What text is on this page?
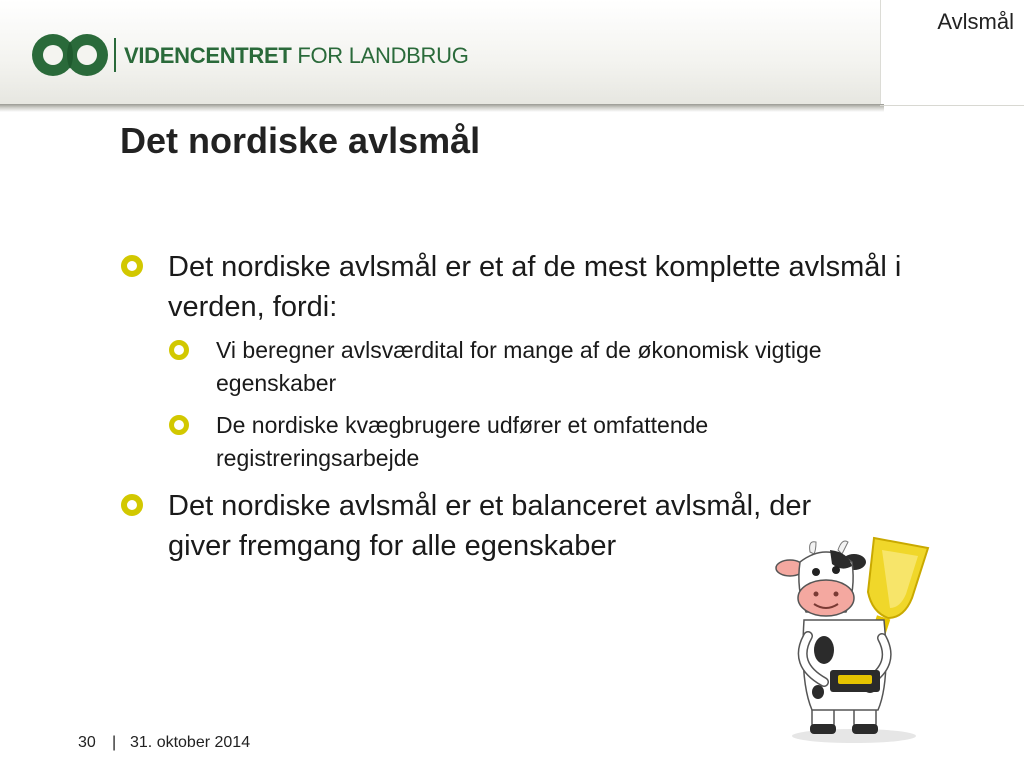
VIDENCENTRET FOR LANDBRUG
Avlsmål
Det nordiske avlsmål
Det nordiske avlsmål er et af de mest komplette avlsmål i verden, fordi:
Vi beregner avlsværdital for mange af de økonomisk vigtige egenskaber
De nordiske kvægbrugere udfører et omfattende registreringsarbejde
Det nordiske avlsmål er et balanceret avlsmål, der giver fremgang for alle egenskaber
30 | 31. oktober 2014
